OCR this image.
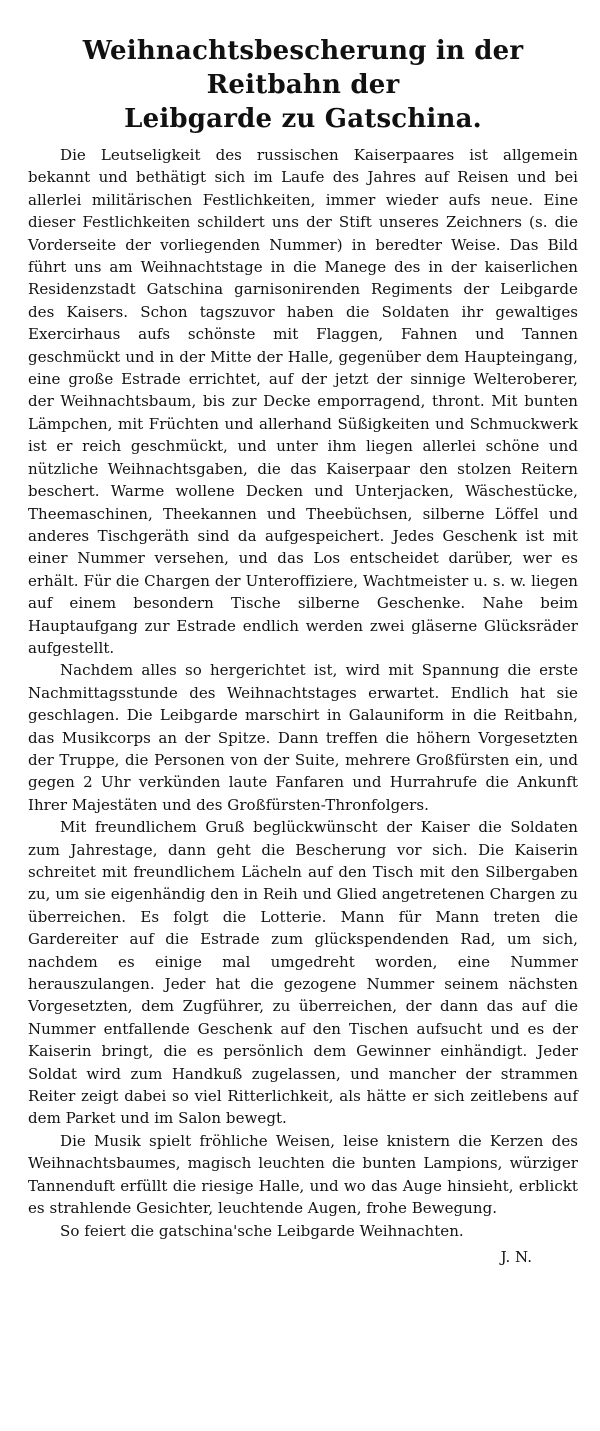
Weihnachtsbescherung in der Reitbahn der
Leibgarde zu Gatschina.

Die Leutseligkeit des russischen Kaiserpaares ist allgemein bekannt und bethätigt sich im Laufe des Jahres auf Reisen und bei allerlei militärischen Festlichkeiten, immer wieder aufs neue. Eine dieser Festlichkeiten schildert uns der Stift unseres Zeichners (s. die Vorderseite der vorliegenden Nummer) in beredter Weise. Das Bild führt uns am Weihnachtstage in die Manege des in der kaiserlichen Residenzstadt Gatschina garnisonirenden Regiments der Leibgarde des Kaisers. Schon tagszuvor haben die Soldaten ihr gewaltiges Exercirhaus aufs schönste mit Flaggen, Fahnen und Tannen geschmückt und in der Mitte der Halle, gegenüber dem Haupteingang, eine große Estrade errichtet, auf der jetzt der sinnige Welteroberer, der Weihnachtsbaum, bis zur Decke emporragend, thront. Mit bunten Lämpchen, mit Früchten und allerhand Süßigkeiten und Schmuckwerk ist er reich geschmückt, und unter ihm liegen allerlei schöne und nützliche Weihnachtsgaben, die das Kaiserpaar den stolzen Reitern beschert. Warme wollene Decken und Unterjacken, Wäschestücke, Theemaschinen, Theekannen und Theebüchsen, silberne Löffel und anderes Tischgeräth sind da aufgespeichert. Jedes Geschenk ist mit einer Nummer versehen, und das Los entscheidet darüber, wer es erhält. Für die Chargen der Unteroffiziere, Wachtmeister u. s. w. liegen auf einem besondern Tische silberne Geschenke. Nahe beim Hauptaufgang zur Estrade endlich werden zwei gläserne Glücksräder aufgestellt.

Nachdem alles so hergerichtet ist, wird mit Spannung die erste Nachmittagsstunde des Weihnachtstages erwartet. Endlich hat sie geschlagen. Die Leibgarde marschirt in Galauniform in die Reitbahn, das Musikcorps an der Spitze. Dann treffen die höhern Vorgesetzten der Truppe, die Personen von der Suite, mehrere Großfürsten ein, und gegen 2 Uhr verkünden laute Fanfaren und Hurrahrufe die Ankunft Ihrer Majestäten und des Großfürsten-Thronfolgers.

Mit freundlichem Gruß beglückwünscht der Kaiser die Soldaten zum Jahrestage, dann geht die Bescherung vor sich. Die Kaiserin schreitet mit freundlichem Lächeln auf den Tisch mit den Silbergaben zu, um sie eigenhändig den in Reih und Glied angetretenen Chargen zu überreichen. Es folgt die Lotterie. Mann für Mann treten die Gardereiter auf die Estrade zum glückspendenden Rad, um sich, nachdem es einige mal umgedreht worden, eine Nummer herauszulangen. Jeder hat die gezogene Nummer seinem nächsten Vorgesetzten, dem Zugführer, zu überreichen, der dann das auf die Nummer entfallende Geschenk auf den Tischen aufsucht und es der Kaiserin bringt, die es persönlich dem Gewinner einhändigt. Jeder Soldat wird zum Handkuß zugelassen, und mancher der strammen Reiter zeigt dabei so viel Ritterlichkeit, als hätte er sich zeitlebens auf dem Parket und im Salon bewegt.

Die Musik spielt fröhliche Weisen, leise knistern die Kerzen des Weihnachtsbaumes, magisch leuchten die bunten Lampions, würziger Tannenduft erfüllt die riesige Halle, und wo das Auge hinsieht, erblickt es strahlende Gesichter, leuchtende Augen, frohe Bewegung.

So feiert die gatschina'sche Leibgarde Weihnachten.

J. N.
